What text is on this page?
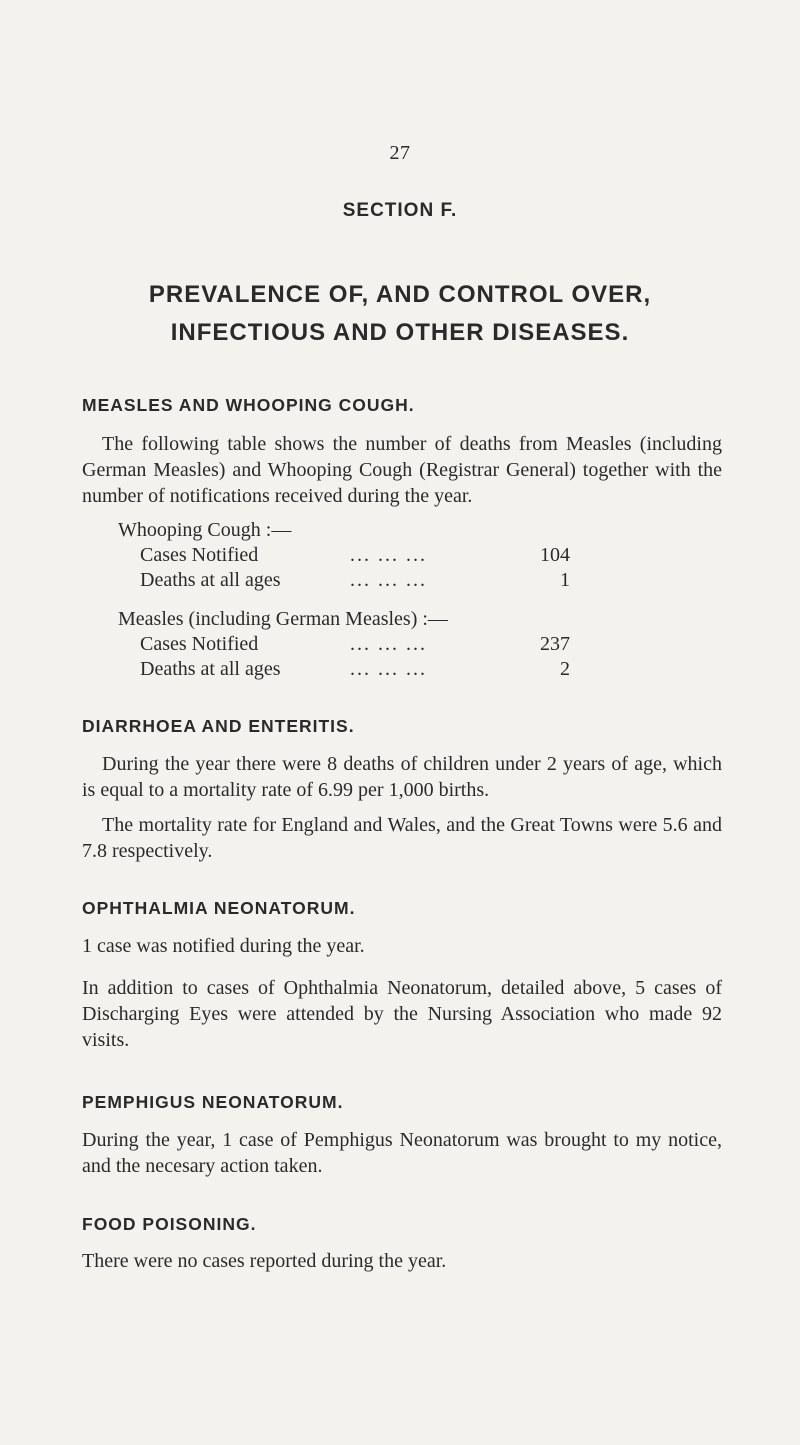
27
SECTION F.
PREVALENCE OF, AND CONTROL OVER,
INFECTIOUS AND OTHER DISEASES.
MEASLES AND WHOOPING COUGH.
The following table shows the number of deaths from Measles (including German Measles) and Whooping Cough (Registrar General) together with the number of notifications received during the year.
Whooping Cough :—
Cases Notified	... ... ...	104
Deaths at all ages	... ... ...	1
Measles (including German Measles) :—
Cases Notified	... ... ...	237
Deaths at all ages	... ... ...	2
DIARRHOEA AND ENTERITIS.
During the year there were 8 deaths of children under 2 years of age, which is equal to a mortality rate of 6.99 per 1,000 births.
The mortality rate for England and Wales, and the Great Towns were 5.6 and 7.8 respectively.
OPHTHALMIA NEONATORUM.
1 case was notified during the year.
In addition to cases of Ophthalmia Neonatorum, detailed above, 5 cases of Discharging Eyes were attended by the Nursing Association who made 92 visits.
PEMPHIGUS NEONATORUM.
During the year, 1 case of Pemphigus Neonatorum was brought to my notice, and the necesary action taken.
FOOD POISONING.
There were no cases reported during the year.
